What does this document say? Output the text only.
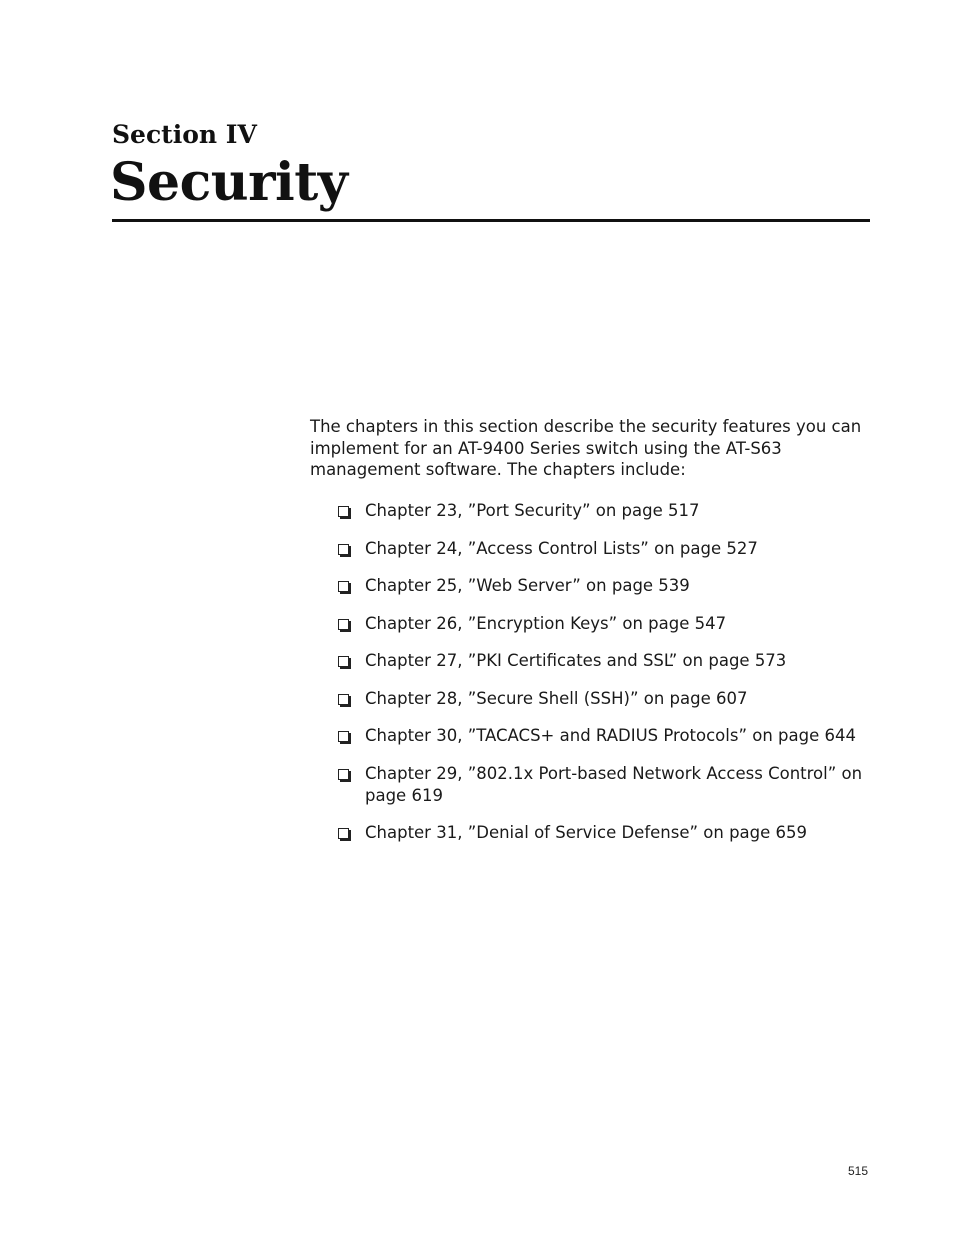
Section IV
Security

The chapters in this section describe the security features you can implement for an AT-9400 Series switch using the AT-S63 management software. The chapters include:

Chapter 23, ”Port Security” on page 517
Chapter 24, ”Access Control Lists” on page 527
Chapter 25, ”Web Server” on page 539
Chapter 26, ”Encryption Keys” on page 547
Chapter 27, ”PKI Certificates and SSL” on page 573
Chapter 28, ”Secure Shell (SSH)” on page 607
Chapter 30, ”TACACS+ and RADIUS Protocols” on page 644
Chapter 29, ”802.1x Port-based Network Access Control” on page 619
Chapter 31, ”Denial of Service Defense” on page 659
515
